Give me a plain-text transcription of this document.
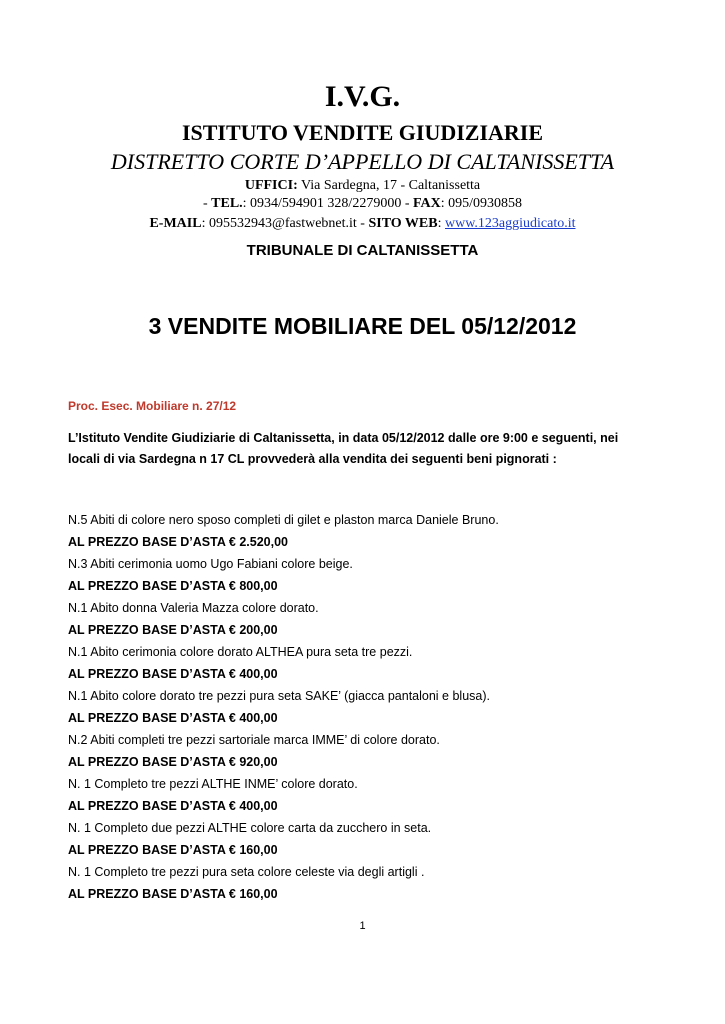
I.V.G.
ISTITUTO VENDITE GIUDIZIARIE
DISTRETTO CORTE D’APPELLO DI CALTANISSETTA
UFFICI: Via Sardegna, 17 - Caltanissetta
- TEL.: 0934/594901 328/2279000 - FAX: 095/0930858
E-MAIL: 095532943@fastwebnet.it - SITO WEB: www.123aggiudicato.it
TRIBUNALE DI CALTANISSETTA
3 VENDITE MOBILIARE DEL 05/12/2012
Proc. Esec. Mobiliare n. 27/12
L’Istituto Vendite Giudiziarie di Caltanissetta, in data 05/12/2012 dalle ore 9:00 e seguenti, nei locali di via Sardegna n 17 CL provvederà alla vendita dei seguenti beni pignorati :
N.5 Abiti di colore nero sposo completi di gilet e plaston marca Daniele Bruno.
AL PREZZO BASE D’ASTA € 2.520,00
N.3 Abiti cerimonia uomo Ugo Fabiani colore beige.
AL PREZZO BASE D’ASTA € 800,00
N.1 Abito donna Valeria Mazza colore dorato.
AL PREZZO BASE D’ASTA € 200,00
N.1 Abito cerimonia colore dorato ALTHEA pura seta tre pezzi.
AL PREZZO BASE D’ASTA € 400,00
N.1 Abito colore dorato tre pezzi pura seta SAKE’ (giacca pantaloni e blusa).
AL PREZZO BASE D’ASTA € 400,00
N.2 Abiti completi tre pezzi sartoriale marca IMME’ di colore dorato.
AL PREZZO BASE D’ASTA € 920,00
N. 1 Completo tre pezzi ALTHE INME’ colore dorato.
AL PREZZO BASE D’ASTA € 400,00
N. 1 Completo due pezzi ALTHE colore carta da zucchero in seta.
AL PREZZO BASE D’ASTA € 160,00
N. 1 Completo tre pezzi pura seta colore celeste via degli artigli .
AL PREZZO BASE D’ASTA € 160,00
1
